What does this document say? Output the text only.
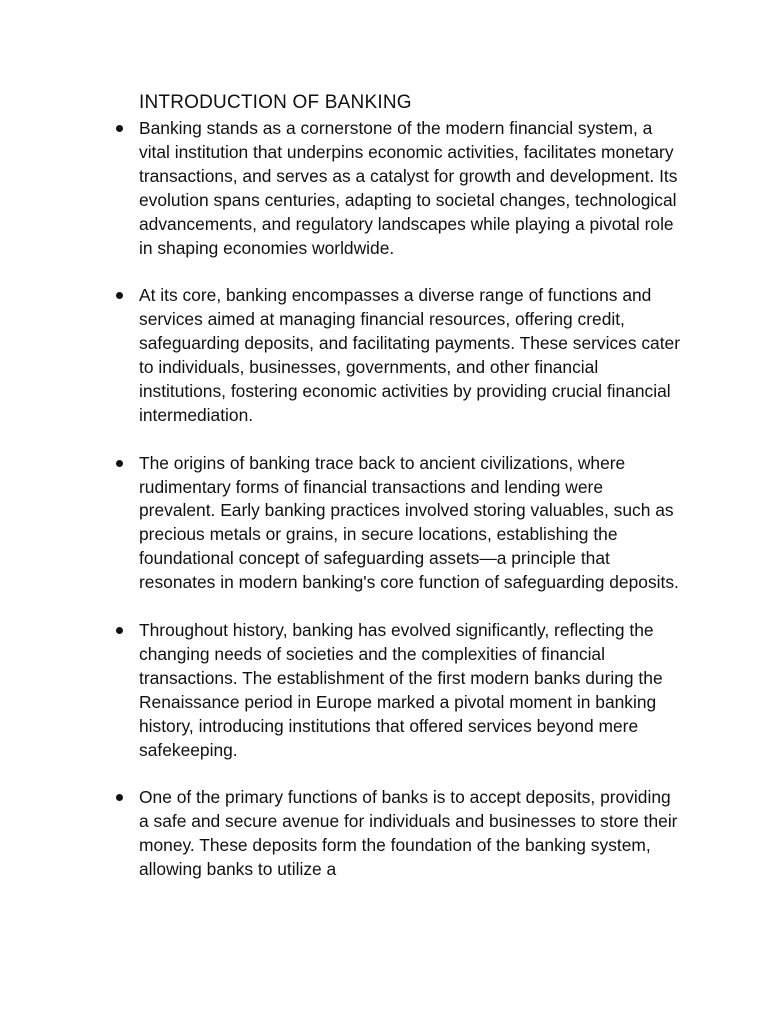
INTRODUCTION OF BANKING
Banking stands as a cornerstone of the modern financial system, a vital institution that underpins economic activities, facilitates monetary transactions, and serves as a catalyst for growth and development. Its evolution spans centuries, adapting to societal changes, technological advancements, and regulatory landscapes while playing a pivotal role in shaping economies worldwide.
At its core, banking encompasses a diverse range of functions and services aimed at managing financial resources, offering credit, safeguarding deposits, and facilitating payments. These services cater to individuals, businesses, governments, and other financial institutions, fostering economic activities by providing crucial financial intermediation.
The origins of banking trace back to ancient civilizations, where rudimentary forms of financial transactions and lending were prevalent. Early banking practices involved storing valuables, such as precious metals or grains, in secure locations, establishing the foundational concept of safeguarding assets—a principle that resonates in modern banking's core function of safeguarding deposits.
Throughout history, banking has evolved significantly, reflecting the changing needs of societies and the complexities of financial transactions. The establishment of the first modern banks during the Renaissance period in Europe marked a pivotal moment in banking history, introducing institutions that offered services beyond mere safekeeping.
One of the primary functions of banks is to accept deposits, providing a safe and secure avenue for individuals and businesses to store their money. These deposits form the foundation of the banking system, allowing banks to utilize a
